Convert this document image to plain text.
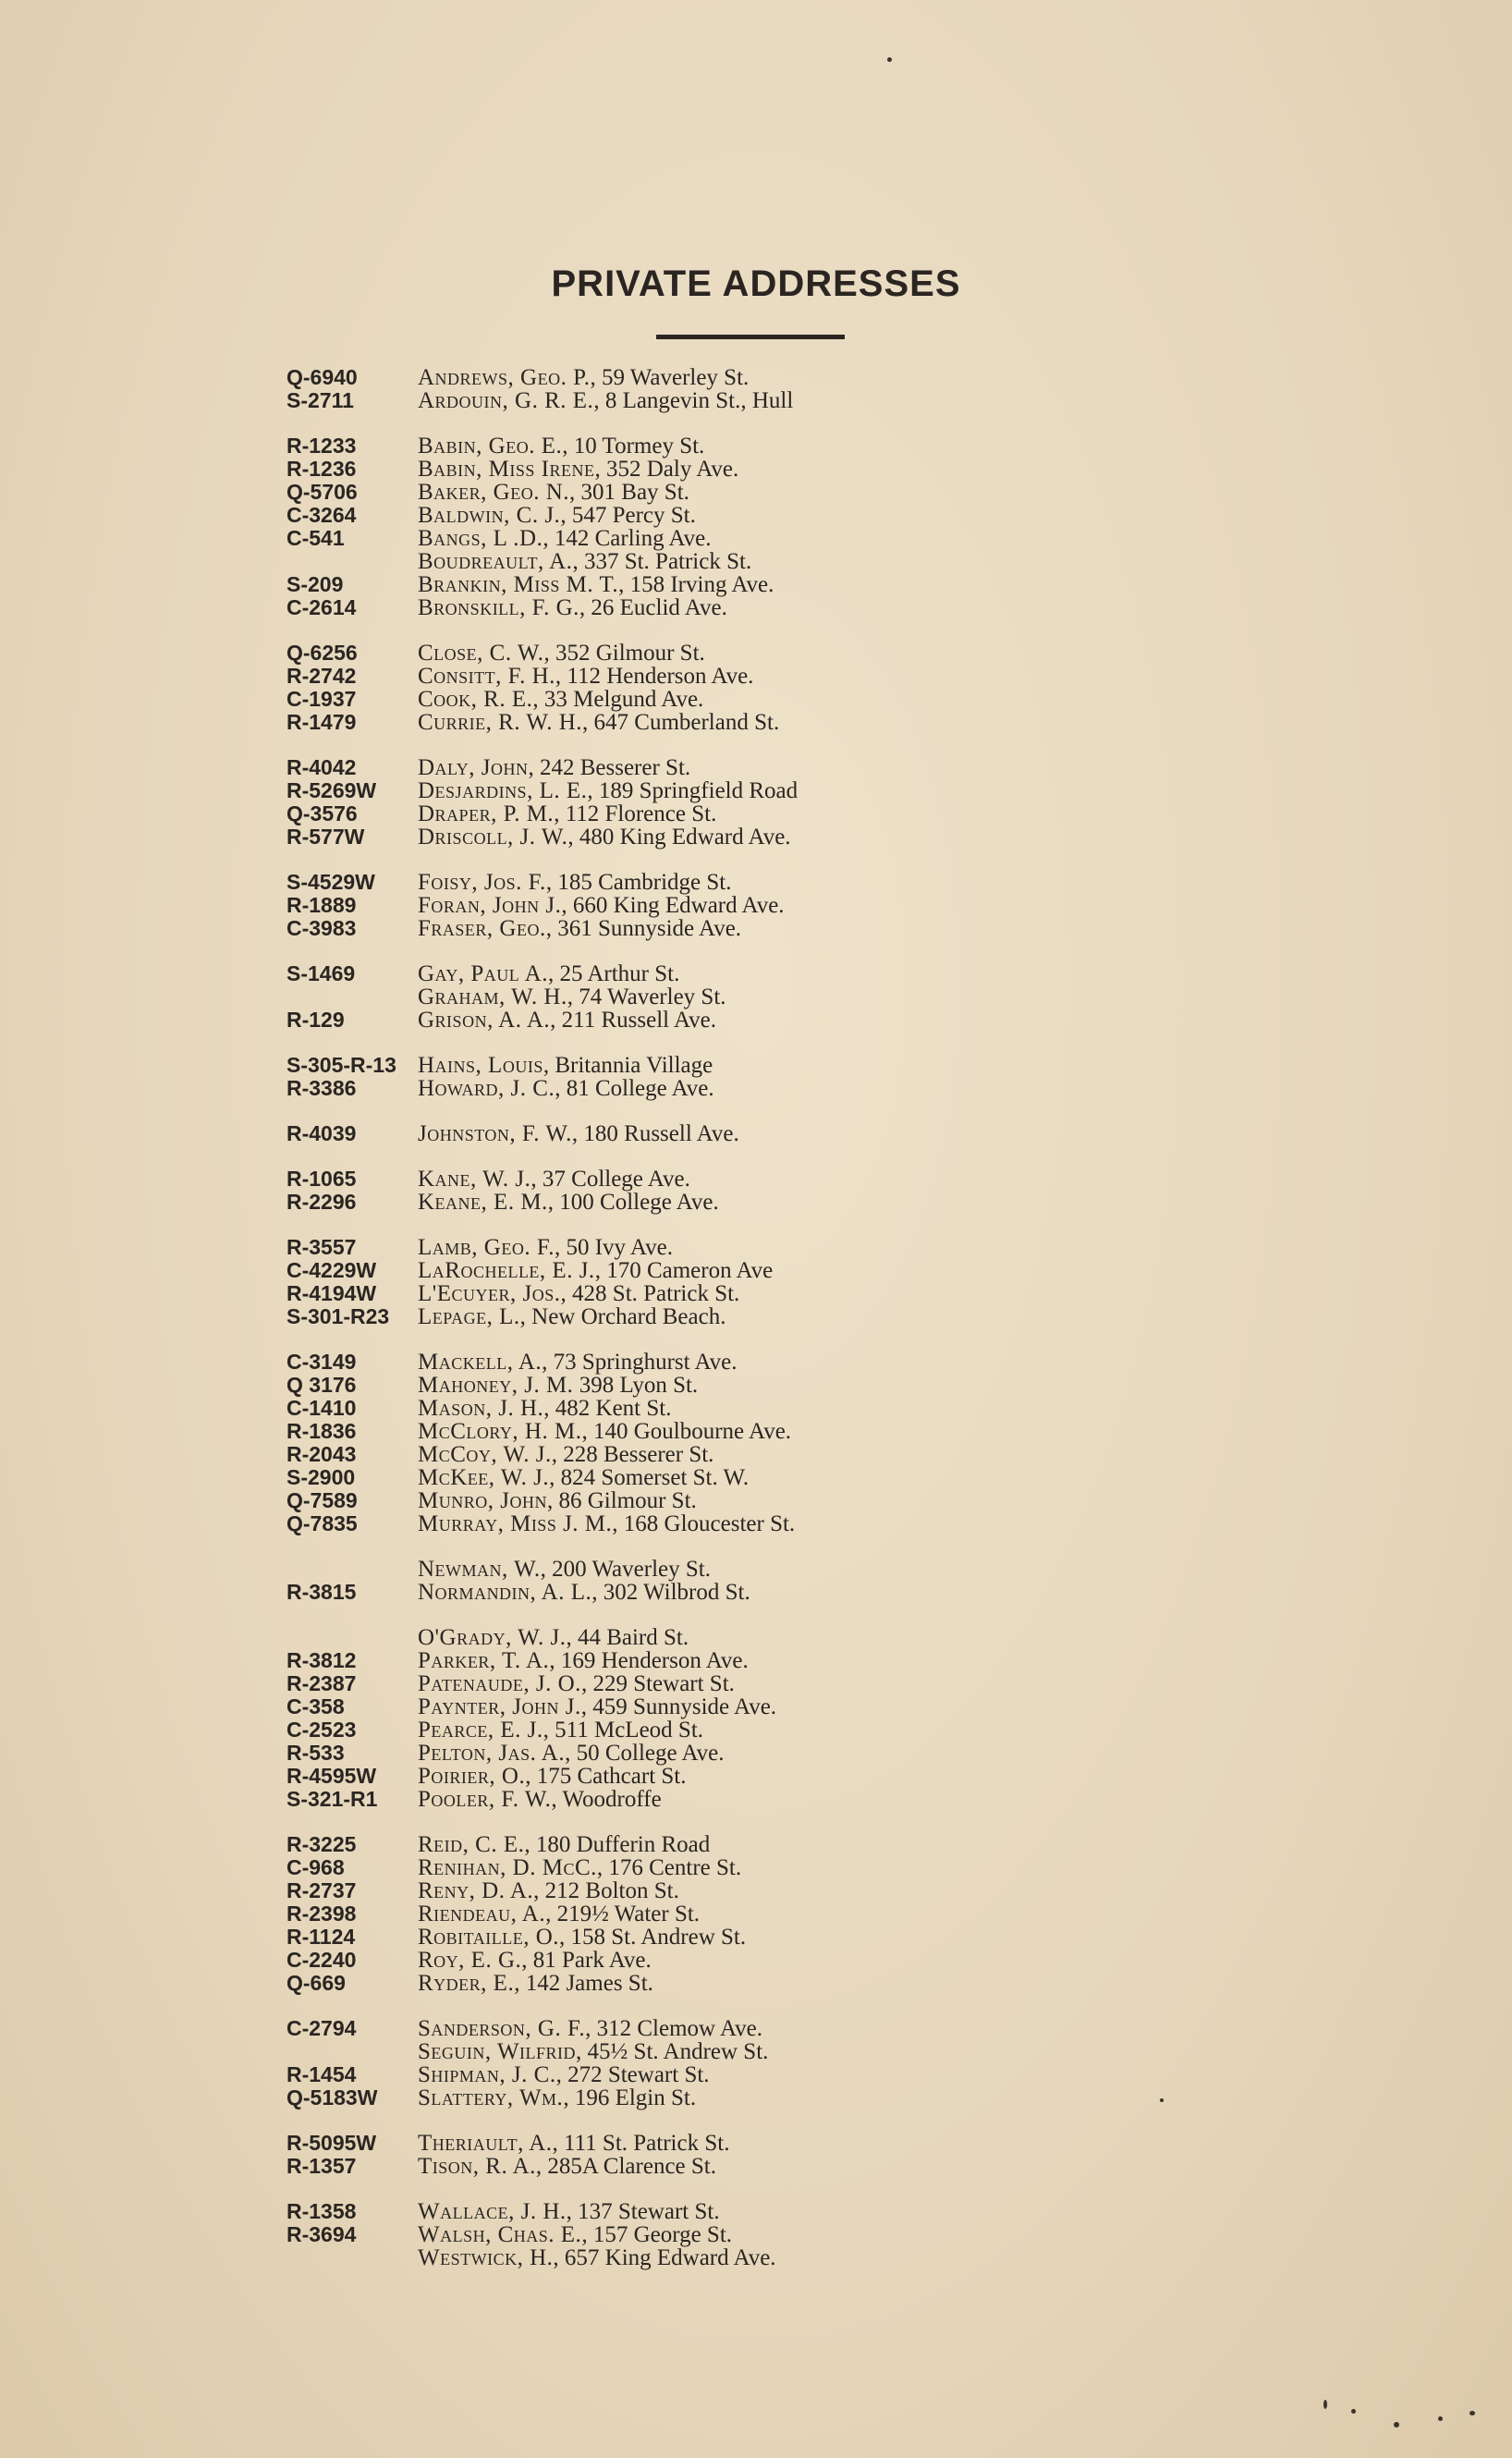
PRIVATE ADDRESSES
Q-6940	Andrews, Geo. P., 59 Waverley St.
S-2711	Ardouin, G. R. E., 8 Langevin St., Hull
R-1233	Babin, Geo. E., 10 Tormey St.
R-1236	Babin, Miss Irene, 352 Daly Ave.
Q-5706	Baker, Geo. N., 301 Bay St.
C-3264	Baldwin, C. J., 547 Percy St.
C-541	Bangs, L .D., 142 Carling Ave.
Boudreault, A., 337 St. Patrick St.
S-209	Brankin, Miss M. T., 158 Irving Ave.
C-2614	Bronskill, F. G., 26 Euclid Ave.
Q-6256	Close, C. W., 352 Gilmour St.
R-2742	Consitt, F. H., 112 Henderson Ave.
C-1937	Cook, R. E., 33 Melgund Ave.
R-1479	Currie, R. W. H., 647 Cumberland St.
R-4042	Daly, John, 242 Besserer St.
R-5269W Desjardins, L. E., 189 Springfield Road
Q-3576	Draper, P. M., 112 Florence St.
R-577W Driscoll, J. W., 480 King Edward Ave.
S-4529W Foisy, Jos. F., 185 Cambridge St.
R-1889	Foran, John J., 660 King Edward Ave.
C-3983	Fraser, Geo., 361 Sunnyside Ave.
S-1469	Gay, Paul A., 25 Arthur St.
Graham, W. H., 74 Waverley St.
R-129	Grison, A. A., 211 Russell Ave.
S-305-R-13 Hains, Louis, Britannia Village
R-3386	Howard, J. C., 81 College Ave.
R-4039	Johnston, F. W., 180 Russell Ave.
R-1065	Kane, W. J., 37 College Ave.
R-2296	Keane, E. M., 100 College Ave.
R-3557	Lamb, Geo. F., 50 Ivy Ave.
C-4229W LaRochelle, E. J., 170 Cameron Ave
R-4194W L'Ecuyer, Jos., 428 St. Patrick St.
S-301-R23 Lepage, L., New Orchard Beach.
C-3149	Mackell, A., 73 Springhurst Ave.
Q 3176	Mahoney, J. M. 398 Lyon St.
C-1410	Mason, J. H., 482 Kent St.
R-1836	McClory, H. M., 140 Goulbourne Ave.
R-2043	McCoy, W. J., 228 Besserer St.
S-2900	McKee, W. J., 824 Somerset St. W.
Q-7589	Munro, John, 86 Gilmour St.
Q-7835	Murray, Miss J. M., 168 Gloucester St.
Newman, W., 200 Waverley St.
R-3815	Normandin, A. L., 302 Wilbrod St.
O'Grady, W. J., 44 Baird St.
R-3812	Parker, T. A., 169 Henderson Ave.
R-2387	Patenaude, J. O., 229 Stewart St.
C-358	Paynter, John J., 459 Sunnyside Ave.
C-2523	Pearce, E. J., 511 McLeod St.
R-533	Pelton, Jas. A., 50 College Ave.
R-4595W Poirier, O., 175 Cathcart St.
S-321-R1 Pooler, F. W., Woodroffe
R-3225	Reid, C. E., 180 Dufferin Road
C-968	Renihan, D. McC., 176 Centre St.
R-2737	Reny, D. A., 212 Bolton St.
R-2398	Riendeau, A., 219½ Water St.
R-1124	Robitaille, O., 158 St. Andrew St.
C-2240	Roy, E. G., 81 Park Ave.
Q-669	Ryder, E., 142 James St.
C-2794	Sanderson, G. F., 312 Clemow Ave.
Seguin, Wilfrid, 45½ St. Andrew St.
R-1454	Shipman, J. C., 272 Stewart St.
Q-5183W Slattery, Wm., 196 Elgin St.
R-5095W Theriault, A., 111 St. Patrick St.
R-1357	Tison, R. A., 285A Clarence St.
R-1358	Wallace, J. H., 137 Stewart St.
R-3694	Walsh, Chas. E., 157 George St.
Westwick, H., 657 King Edward Ave.
